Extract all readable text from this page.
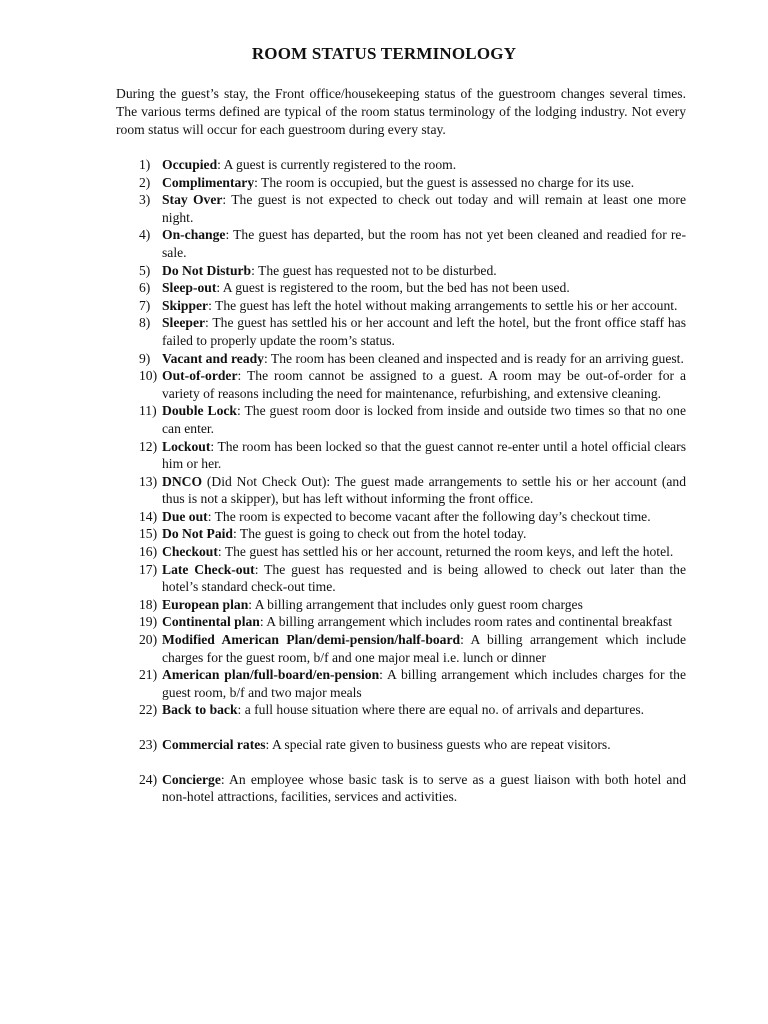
ROOM STATUS TERMINOLOGY

During the guest’s stay, the Front office/housekeeping status of the guestroom changes several times. The various terms defined are typical of the room status terminology of the lodging industry. Not every room status will occur for each guestroom during every stay.

1) Occupied: A guest is currently registered to the room.
2) Complimentary: The room is occupied, but the guest is assessed no charge for its use.
3) Stay Over: The guest is not expected to check out today and will remain at least one more night.
4) On-change: The guest has departed, but the room has not yet been cleaned and readied for re-sale.
5) Do Not Disturb: The guest has requested not to be disturbed.
6) Sleep-out: A guest is registered to the room, but the bed has not been used.
7) Skipper: The guest has left the hotel without making arrangements to settle his or her account.
8) Sleeper: The guest has settled his or her account and left the hotel, but the front office staff has failed to properly update the room’s status.
9) Vacant and ready: The room has been cleaned and inspected and is ready for an arriving guest.
10) Out-of-order: The room cannot be assigned to a guest. A room may be out-of-order for a variety of reasons including the need for maintenance, refurbishing, and extensive cleaning.
11) Double Lock: The guest room door is locked from inside and outside two times so that no one can enter.
12) Lockout: The room has been locked so that the guest cannot re-enter until a hotel official clears him or her.
13) DNCO (Did Not Check Out): The guest made arrangements to settle his or her account (and thus is not a skipper), but has left without informing the front office.
14) Due out: The room is expected to become vacant after the following day’s checkout time.
15) Do Not Paid: The guest is going to check out from the hotel today.
16) Checkout: The guest has settled his or her account, returned the room keys, and left the hotel.
17) Late Check-out: The guest has requested and is being allowed to check out later than the hotel’s standard check-out time.
18) European plan: A billing arrangement that includes only guest room charges
19) Continental plan: A billing arrangement which includes room rates and continental breakfast
20) Modified American Plan/demi-pension/half-board: A billing arrangement which include charges for the guest room, b/f and one major meal i.e. lunch or dinner
21) American plan/full-board/en-pension: A billing arrangement which includes charges for the guest room, b/f and two major meals
22) Back to back: a full house situation where there are equal no. of arrivals and departures.
23) Commercial rates: A special rate given to business guests who are repeat visitors.
24) Concierge: An employee whose basic task is to serve as a guest liaison with both hotel and non-hotel attractions, facilities, services and activities.
